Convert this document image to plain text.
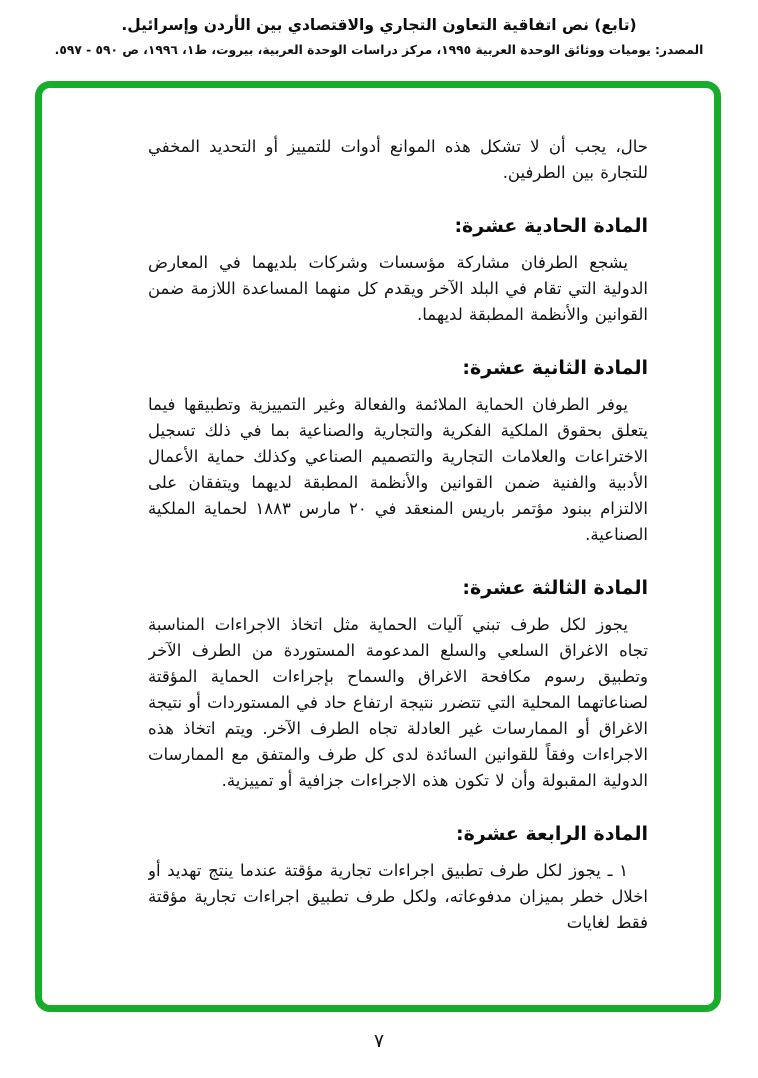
(تابع) نص اتفاقية التعاون التجاري والاقتصادي بين الأردن وإسرائيل.
المصدر: يوميات ووثائق الوحدة العربية ١٩٩٥، مركز دراسات الوحدة العربية، بيروت، ط١، ١٩٩٦، ص ٥٩٠ - ٥٩٧.

حال، يجب أن لا تشكل هذه الموانع أدوات للتمييز أو التحديد المخفي للتجارة بين الطرفين.

المادة الحادية عشرة:

يشجع الطرفان مشاركة مؤسسات وشركات بلديهما في المعارض الدولية التي تقام في البلد الآخر ويقدم كل منهما المساعدة اللازمة ضمن القوانين والأنظمة المطبقة لديهما.

المادة الثانية عشرة:

يوفر الطرفان الحماية الملائمة والفعالة وغير التمييزية وتطبيقها فيما يتعلق بحقوق الملكية الفكرية والتجارية والصناعية بما في ذلك تسجيل الاختراعات والعلامات التجارية والتصميم الصناعي وكذلك حماية الأعمال الأدبية والفنية ضمن القوانين والأنظمة المطبقة لديهما ويتفقان على الالتزام ببنود مؤتمر باريس المنعقد في ٢٠ مارس ١٨٨٣ لحماية الملكية الصناعية.

المادة الثالثة عشرة:

يجوز لكل طرف تبني آليات الحماية مثل اتخاذ الاجراءات المناسبة تجاه الاغراق السلعي والسلع المدعومة المستوردة من الطرف الآخر وتطبيق رسوم مكافحة الاغراق والسماح بإجراءات الحماية المؤقتة لصناعاتهما المحلية التي تتضرر نتيجة ارتفاع حاد في المستوردات أو نتيجة الاغراق أو الممارسات غير العادلة تجاه الطرف الآخر. ويتم اتخاذ هذه الاجراءات وفقاً للقوانين السائدة لدى كل طرف والمتفق مع الممارسات الدولية المقبولة وأن لا تكون هذه الاجراءات جزافية أو تمييزية.

المادة الرابعة عشرة:

١ ـ يجوز لكل طرف تطبيق اجراءات تجارية مؤقتة عندما ينتج تهديد أو اخلال خطر بميزان مدفوعاته، ولكل طرف تطبيق اجراءات تجارية مؤقتة فقط لغايات

٧
